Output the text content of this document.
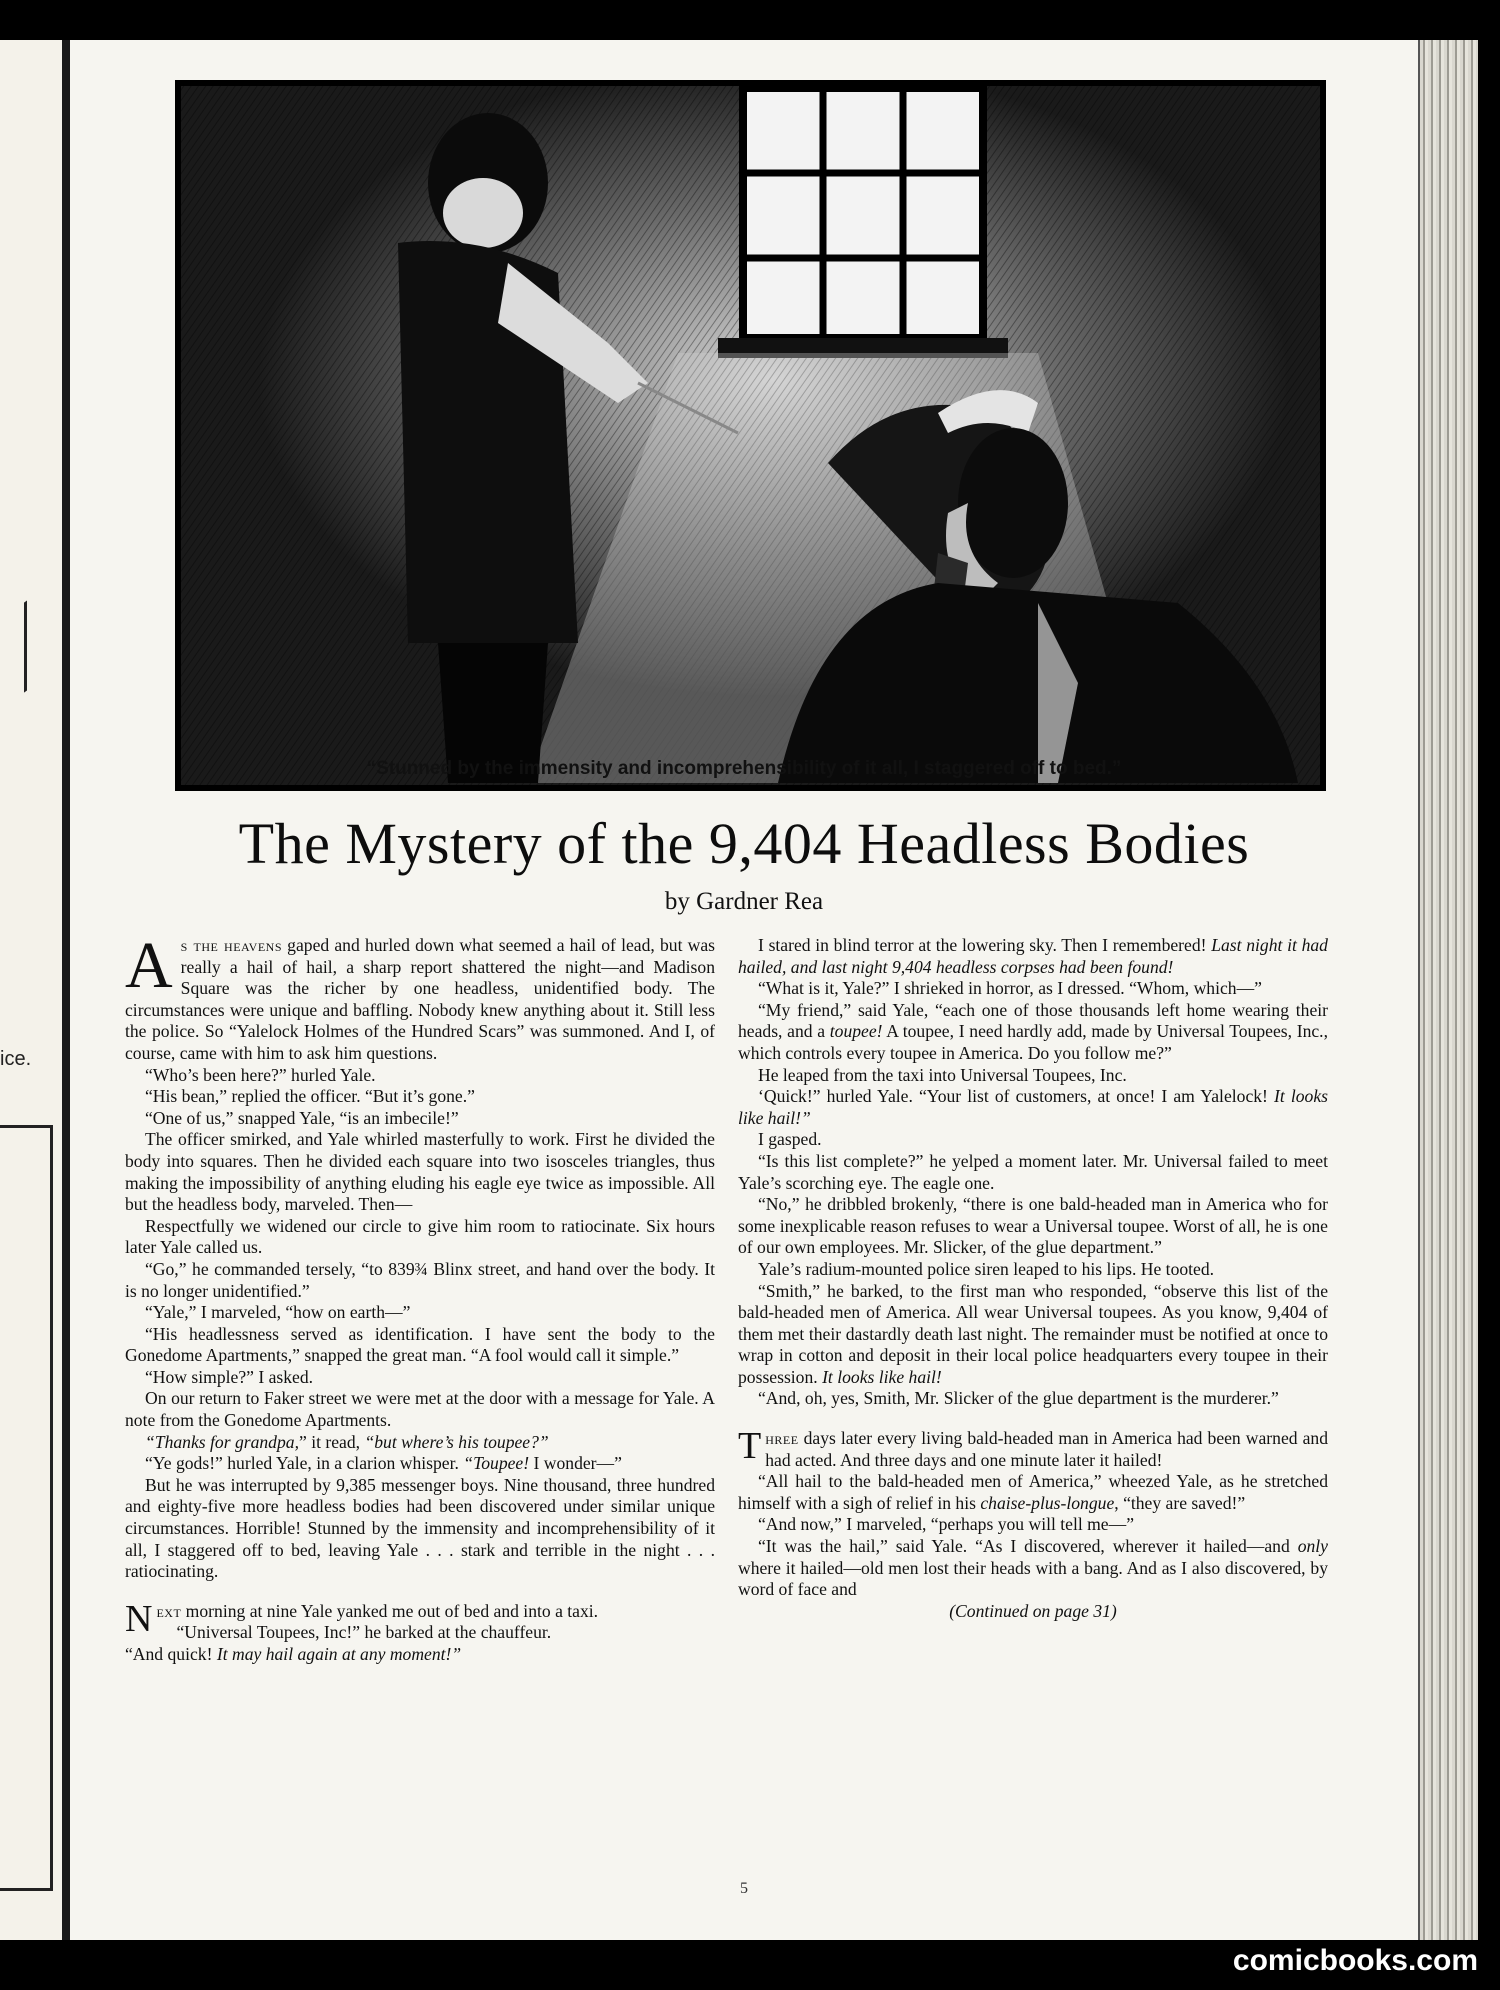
ice.
“Stunned by the immensity and incomprehensibility of it all, I staggered off to bed.”
The Mystery of the 9,404 Headless Bodies
by Gardner Rea

As the heavens gaped and hurled down what seemed a hail of lead, but was really a hail of hail, a sharp report shattered the night—and Madison Square was the richer by one headless, unidentified body. The circumstances were unique and baffling. Nobody knew anything about it. Still less the police. So “Yalelock Holmes of the Hundred Scars” was summoned. And I, of course, came with him to ask him questions.

“Who’s been here?” hurled Yale.

“His bean,” replied the officer. “But it’s gone.”

“One of us,” snapped Yale, “is an imbecile!”

The officer smirked, and Yale whirled masterfully to work. First he divided the body into squares. Then he divided each square into two isosceles triangles, thus making the impossibility of anything eluding his eagle eye twice as impossible. All but the headless body, marveled. Then—

Respectfully we widened our circle to give him room to ratiocinate. Six hours later Yale called us.

“Go,” he commanded tersely, “to 839¾ Blinx street, and hand over the body. It is no longer unidentified.”

“Yale,” I marveled, “how on earth—”

“His headlessness served as identification. I have sent the body to the Gonedome Apartments,” snapped the great man. “A fool would call it simple.”

“How simple?” I asked.

On our return to Faker street we were met at the door with a message for Yale. A note from the Gonedome Apartments.

“Thanks for grandpa,” it read, “but where’s his toupee?”

“Ye gods!” hurled Yale, in a clarion whisper. “Toupee! I wonder—”

But he was interrupted by 9,385 messenger boys. Nine thousand, three hundred and eighty-five more headless bodies had been discovered under similar unique circumstances. Horrible! Stunned by the immensity and incomprehensibility of it all, I staggered off to bed, leaving Yale . . . stark and terrible in the night . . . ratiocinating.

Next morning at nine Yale yanked me out of bed and into a taxi.

“Universal Toupees, Inc!” he barked at the chauffeur.

“And quick! It may hail again at any moment!”

I stared in blind terror at the lowering sky. Then I remembered! Last night it had hailed, and last night 9,404 headless corpses had been found!

“What is it, Yale?” I shrieked in horror, as I dressed. “Whom, which—”

“My friend,” said Yale, “each one of those thousands left home wearing their heads, and a toupee! A toupee, I need hardly add, made by Universal Toupees, Inc., which controls every toupee in America. Do you follow me?”

He leaped from the taxi into Universal Toupees, Inc.

‘Quick!” hurled Yale. “Your list of customers, at once! I am Yalelock! It looks like hail!”

I gasped.

“Is this list complete?” he yelped a moment later. Mr. Universal failed to meet Yale’s scorching eye. The eagle one.

“No,” he dribbled brokenly, “there is one bald-headed man in America who for some inexplicable reason refuses to wear a Universal toupee. Worst of all, he is one of our own employees. Mr. Slicker, of the glue department.”

Yale’s radium-mounted police siren leaped to his lips. He tooted.

“Smith,” he barked, to the first man who responded, “observe this list of the bald-headed men of America. All wear Universal toupees. As you know, 9,404 of them met their dastardly death last night. The remainder must be notified at once to wrap in cotton and deposit in their local police headquarters every toupee in their possession. It looks like hail!

“And, oh, yes, Smith, Mr. Slicker of the glue department is the murderer.”

Three days later every living bald-headed man in America had been warned and had acted. And three days and one minute later it hailed!

“All hail to the bald-headed men of America,” wheezed Yale, as he stretched himself with a sigh of relief in his chaise-plus-longue, “they are saved!”

“And now,” I marveled, “perhaps you will tell me—”

“It was the hail,” said Yale. “As I discovered, wherever it hailed—and only where it hailed—old men lost their heads with a bang. And as I also discovered, by word of face and

(Continued on page 31)

5
comicbooks.com
